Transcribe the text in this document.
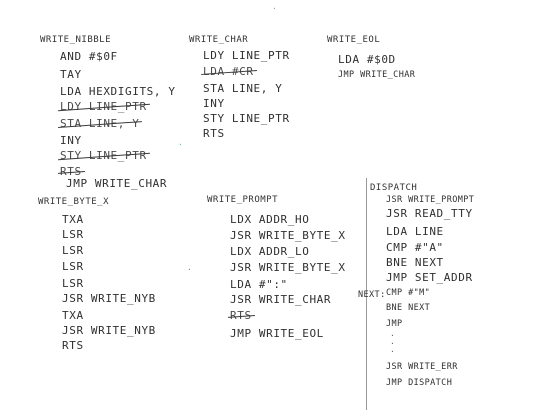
WRITE_NIBBLE
AND #$0F
TAY
LDA HEXDIGITS, Y
LDY LINE_PTR
STA LINE, Y
INY
STY LINE_PTR
RTS
JMP WRITE_CHAR
WRITE_CHAR
LDY LINE_PTR
LDA #CR
STA LINE, Y
INY
STY LINE_PTR
RTS
WRITE_EOL
LDA #$0D
JMP WRITE_CHAR
WRITE_BYTE_X
TXA
LSR
LSR
LSR
LSR
JSR WRITE_NYB
TXA
JSR WRITE_NYB
RTS
WRITE_PROMPT
LDX ADDR_HO
JSR WRITE_BYTE_X
LDX ADDR_LO
JSR WRITE_BYTE_X
LDA #":"
JSR WRITE_CHAR
RTS
JMP WRITE_EOL
DISPATCH
JSR WRITE_PROMPT
JSR READ_TTY
LDA LINE
CMP #"A"
BNE NEXT
JMP SET_ADDR
NEXT: CMP #"M"
BNE NEXT
JMP
·
·
·
JSR WRITE_ERR
JMP DISPATCH
·
·
·
